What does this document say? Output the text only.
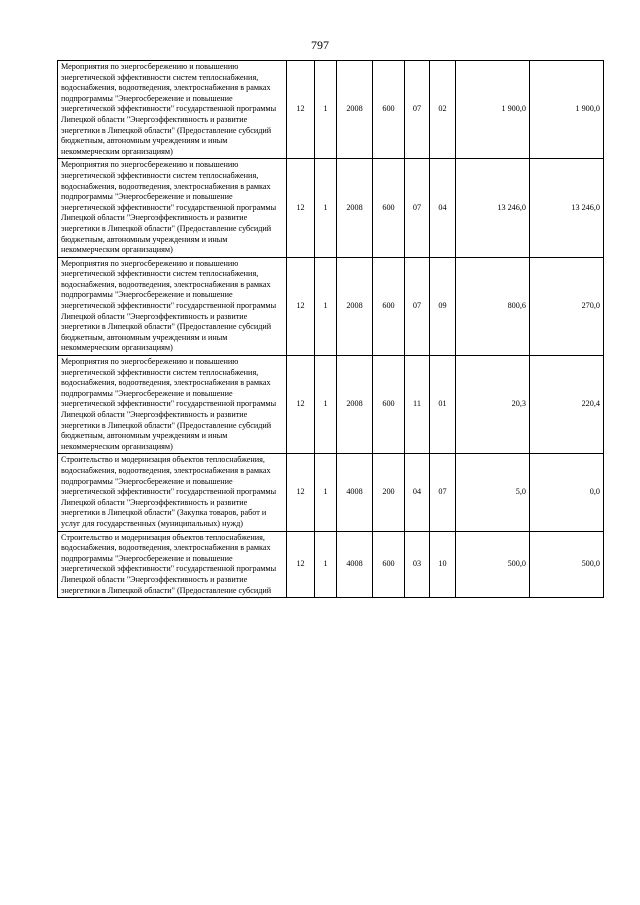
797
Мероприятия по энергосбережению и повышению энергетической эффективности систем теплоснабжения, водоснабжения, водоотведения, электроснабжения в рамках подпрограммы "Энергосбережение и повышение энергетической эффективности" государственной программы Липецкой области "Энергоэффективность и развитие энергетики в Липецкой области" (Предоставление субсидий бюджетным, автономным учреждениям и иным некоммерческим организациям)	12	1	2008	600	07	02	1 900,0	1 900,0
Мероприятия по энергосбережению и повышению энергетической эффективности систем теплоснабжения, водоснабжения, водоотведения, электроснабжения в рамках подпрограммы "Энергосбережение и повышение энергетической эффективности" государственной программы Липецкой области "Энергоэффективность и развитие энергетики в Липецкой области" (Предоставление субсидий бюджетным, автономным учреждениям и иным некоммерческим организациям)	12	1	2008	600	07	04	13 246,0	13 246,0
Мероприятия по энергосбережению и повышению энергетической эффективности систем теплоснабжения, водоснабжения, водоотведения, электроснабжения в рамках подпрограммы "Энергосбережение и повышение энергетической эффективности" государственной программы Липецкой области "Энергоэффективность и развитие энергетики в Липецкой области" (Предоставление субсидий бюджетным, автономным учреждениям и иным некоммерческим организациям)	12	1	2008	600	07	09	800,6	270,0
Мероприятия по энергосбережению и повышению энергетической эффективности систем теплоснабжения, водоснабжения, водоотведения, электроснабжения в рамках подпрограммы "Энергосбережение и повышение энергетической эффективности" государственной программы Липецкой области "Энергоэффективность и развитие энергетики в Липецкой области" (Предоставление субсидий бюджетным, автономным учреждениям и иным некоммерческим организациям)	12	1	2008	600	11	01	20,3	220,4
Строительство и модернизация объектов теплоснабжения, водоснабжения, водоотведения, электроснабжения в рамках подпрограммы "Энергосбережение и повышение энергетической эффективности" государственной программы Липецкой области "Энергоэффективность и развитие энергетики в Липецкой области" (Закупка товаров, работ и услуг для государственных (муниципальных) нужд)	12	1	4008	200	04	07	5,0	0,0
Строительство и модернизация объектов теплоснабжения, водоснабжения, водоотведения, электроснабжения в рамках подпрограммы "Энергосбережение и повышение энергетической эффективности" государственной программы Липецкой области "Энергоэффективность и развитие энергетики в Липецкой области" (Предоставление субсидий	12	1	4008	600	03	10	500,0	500,0
